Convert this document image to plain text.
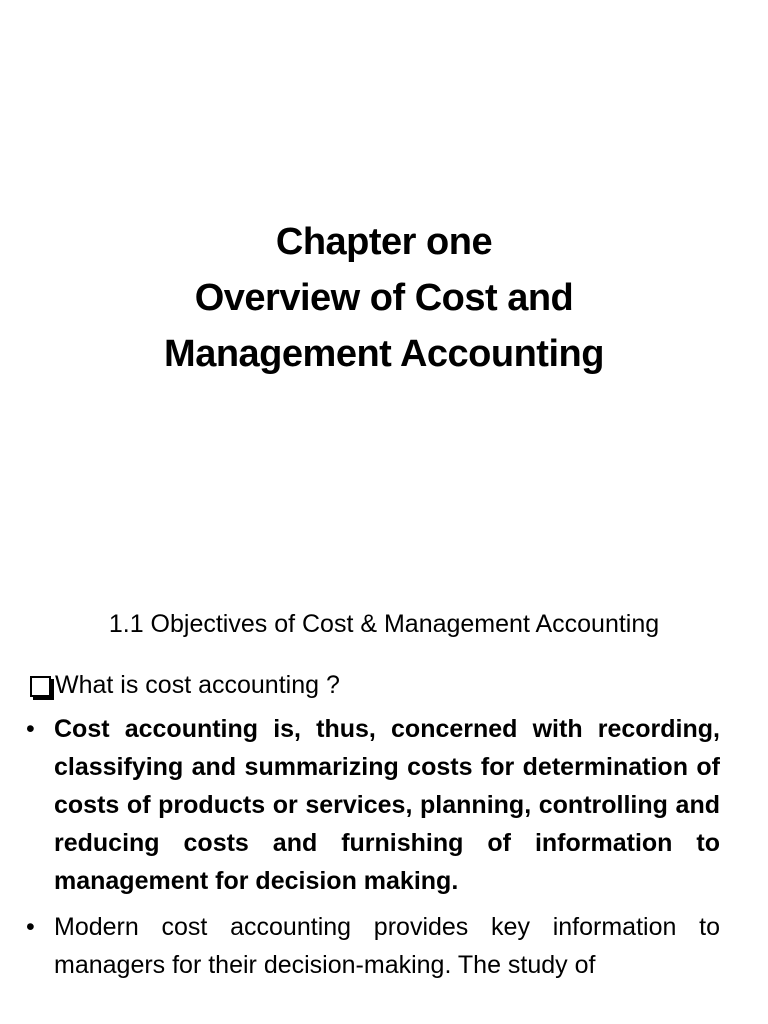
Chapter one
Overview of Cost and
Management Accounting
1.1 Objectives of Cost & Management Accounting
What is cost accounting ?
• Cost accounting is, thus, concerned with recording, classifying and summarizing costs for determination of costs of products or services, planning, controlling and reducing costs and furnishing of information to management for decision making.
• Modern cost accounting provides key information to managers for their decision-making. The study of
